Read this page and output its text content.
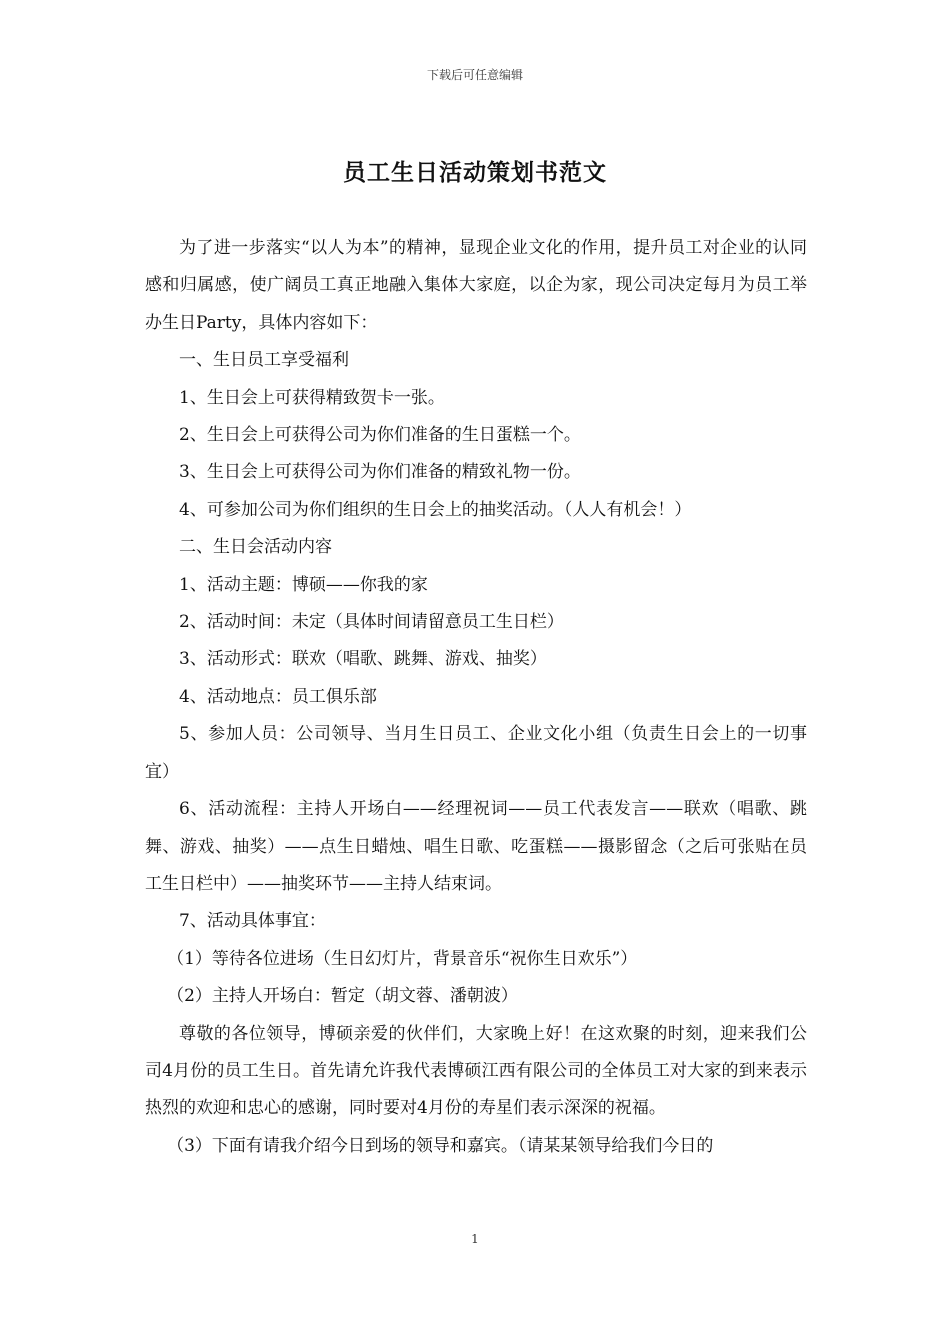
下载后可任意编辑
员工生日活动策划书范文

为了进一步落实“以人为本”的精神，显现企业文化的作用，提升员工对企业的认同感和归属感，使广阔员工真正地融入集体大家庭，以企为家，现公司决定每月为员工举办生日Party，具体内容如下：

一、生日员工享受福利

1、生日会上可获得精致贺卡一张。

2、生日会上可获得公司为你们准备的生日蛋糕一个。

3、生日会上可获得公司为你们准备的精致礼物一份。

4、可参加公司为你们组织的生日会上的抽奖活动。（人人有机会！）

二、生日会活动内容

1、活动主题：博硕——你我的家

2、活动时间：未定（具体时间请留意员工生日栏）

3、活动形式：联欢（唱歌、跳舞、游戏、抽奖）

4、活动地点：员工俱乐部

5、参加人员：公司领导、当月生日员工、企业文化小组（负责生日会上的一切事宜）

6、活动流程：主持人开场白——经理祝词——员工代表发言——联欢（唱歌、跳舞、游戏、抽奖）——点生日蜡烛、唱生日歌、吃蛋糕——摄影留念（之后可张贴在员工生日栏中）——抽奖环节——主持人结束词。

7、活动具体事宜：

（1）等待各位进场（生日幻灯片，背景音乐“祝你生日欢乐”）

（2）主持人开场白：暂定（胡文蓉、潘朝波）

尊敬的各位领导，博硕亲爱的伙伴们，大家晚上好！在这欢聚的时刻，迎来我们公司4月份的员工生日。首先请允许我代表博硕江西有限公司的全体员工对大家的到来表示热烈的欢迎和忠心的感谢，同时要对4月份的寿星们表示深深的祝福。

（3）下面有请我介绍今日到场的领导和嘉宾。（请某某领导给我们今日的

1
